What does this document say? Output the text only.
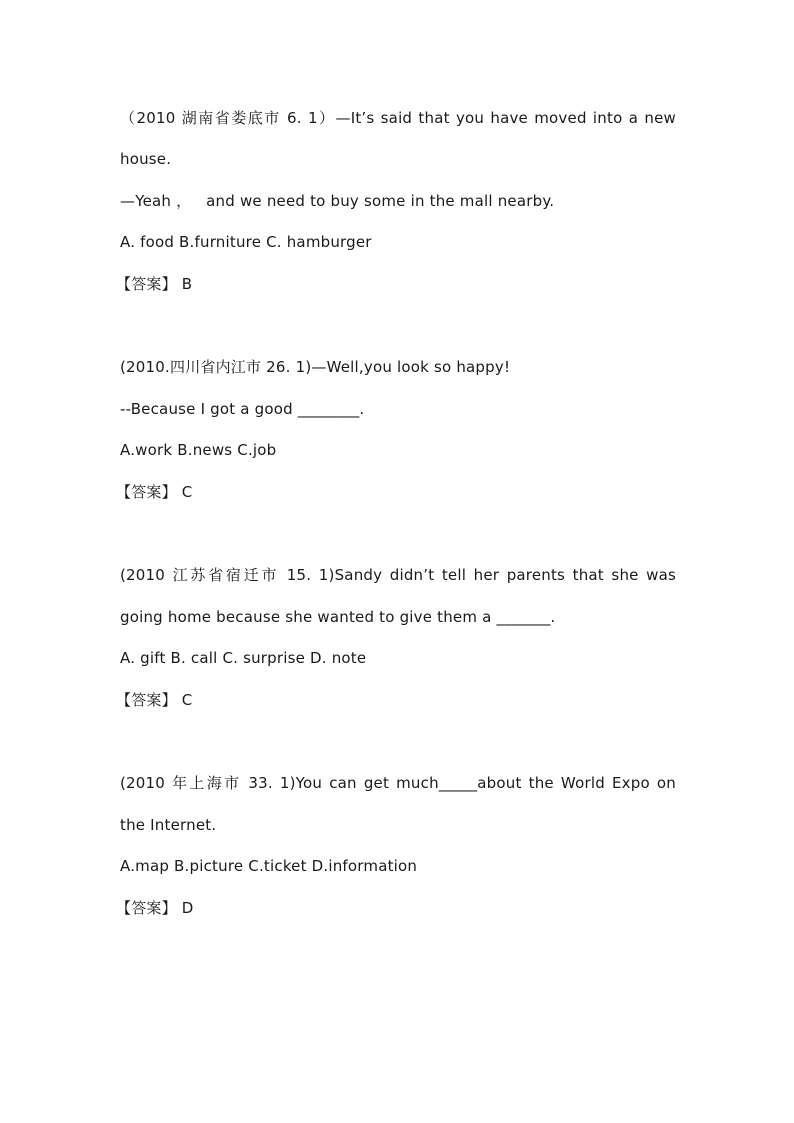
（2010 湖南省娄底市 6. 1）—It’s said that you have moved into a new
house.
—Yeah ，   and we need to buy some in the mall nearby.
A. food B.furniture C. hamburger
【答案】 B
(2010.四川省内江市 26. 1)—Well,you look so happy!
--Because I got a good ________.
A.work B.news C.job
【答案】 C
(2010 江苏省宿迁市 15. 1)Sandy didn’t tell her parents that she was
going home because she wanted to give them a _______.
A. gift B. call C. surprise D. note
【答案】 C
(2010 年上海市 33. 1)You can get much_____about the World Expo on
the Internet.
A.map B.picture C.ticket D.information
【答案】 D
